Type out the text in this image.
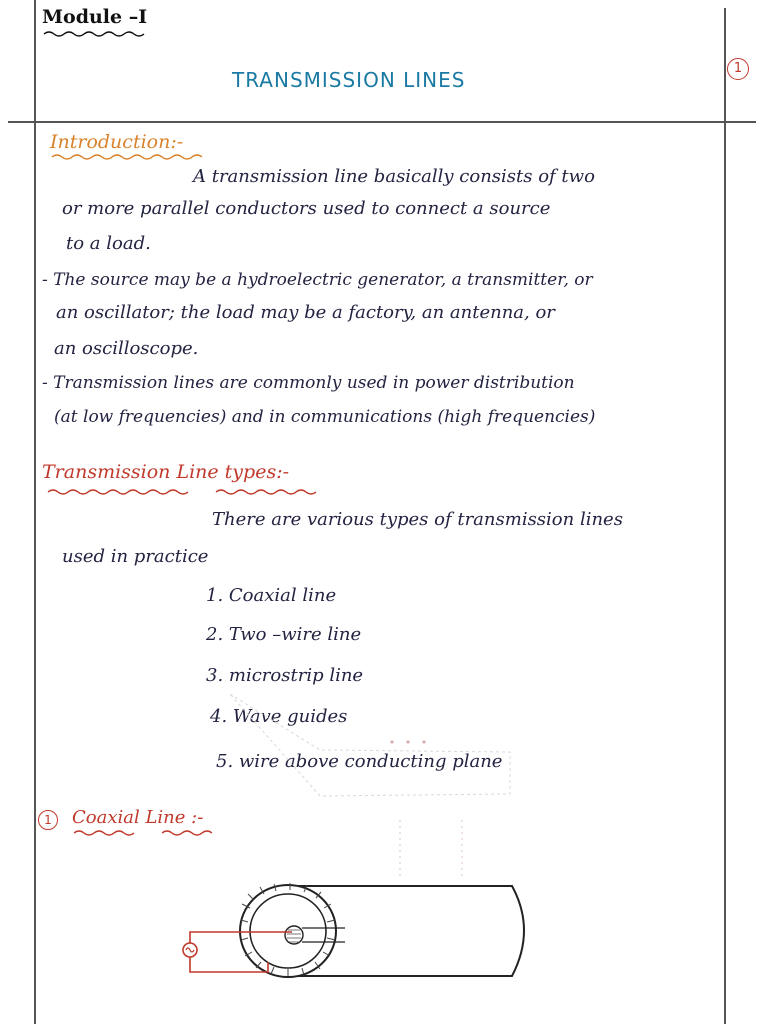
Module –I
TRANSMISSION LINES	1
Introduction:-
A transmission line basically consists of two
or more parallel conductors used to connect a source
to a load.
- The source may be a hydroelectric generator, a transmitter, or
an oscillator; the load may be a factory, an antenna, or
an oscilloscope.
- Transmission lines are commonly used in power distribution
(at low frequencies) and in communications (high frequencies)
Transmission Line types:-
There are various types of transmission lines
used in practice
1. Coaxial line
2. Two –wire line
3. microstrip line
4. Wave guides
5. wire above conducting plane
1	Coaxial Line :-
